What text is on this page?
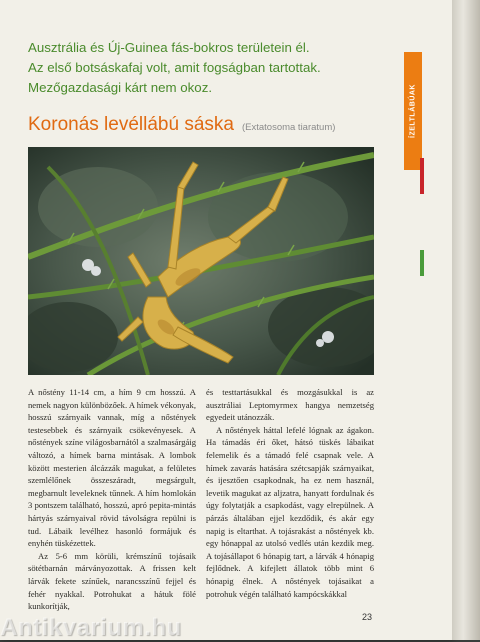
Ausztrália és Új-Guinea fás-bokros területein él.
Az első botsáskafaj volt, amit fogságban tartottak.
Mezőgazdasági kárt nem okoz.	ÍZELTLÁBÚAK
Koronás levéllábú sáska (Extatosoma tiaratum)

A nőstény 11-14 cm, a hím 9 cm hosszú. A nemek nagyon különbözőek. A hímek vékonyak, hosszú szárnyaik vannak, míg a nőstények testesebbek és szárnyaik csökevényesek. A nőstények színe világosbarnától a szalmasárgáig változó, a hímek barna mintásak. A lombok között mesterien álcázzák magukat, a felületes szemlélőnek összeszáradt, megsárgult, megbarnult leveleknek tűnnek. A hím homlokán 3 pontszem található, hosszú, apró pepita-mintás hártyás szárnyaival rövid távolságra repülni is tud. Lábaik levélhez hasonló formájuk és enyhén tüskézettek.

Az 5-6 mm körüli, krémszínű tojásaik sötétbarnán márványozottak. A frissen kelt lárvák fekete színűek, narancsszínű fejjel és fehér nyakkal. Potrohukat a hátuk fölé kunkorítják,

és testtartásukkal és mozgásukkal is az ausztráliai Leptomyrmex hangya nemzetség egyedeit utánozzák.

A nőstények háttal lefelé lógnak az ágakon. Ha támadás éri őket, hátsó tüskés lábaikat felemelik és a támadó felé csapnak vele. A hímek zavarás hatására szétcsapják szárnyaikat, és ijesztően csapkodnak, ha ez nem használ, levetik magukat az aljzatra, hanyatt fordulnak és úgy folytatják a csapkodást, vagy elrepülnek. A párzás általában ejjel kezdődik, és akár egy napig is eltarthat. A tojásrakást a nőstények kb. egy hónappal az utolsó vedlés után kezdik meg. A tojásállapot 6 hónapig tart, a lárvák 4 hónapig fejlődnek. A kifejlett állatok több mint 6 hónapig élnek. A nőstények tojásaikat a potrohuk végén található kampócskákkal

23
Antikvarium.hu
